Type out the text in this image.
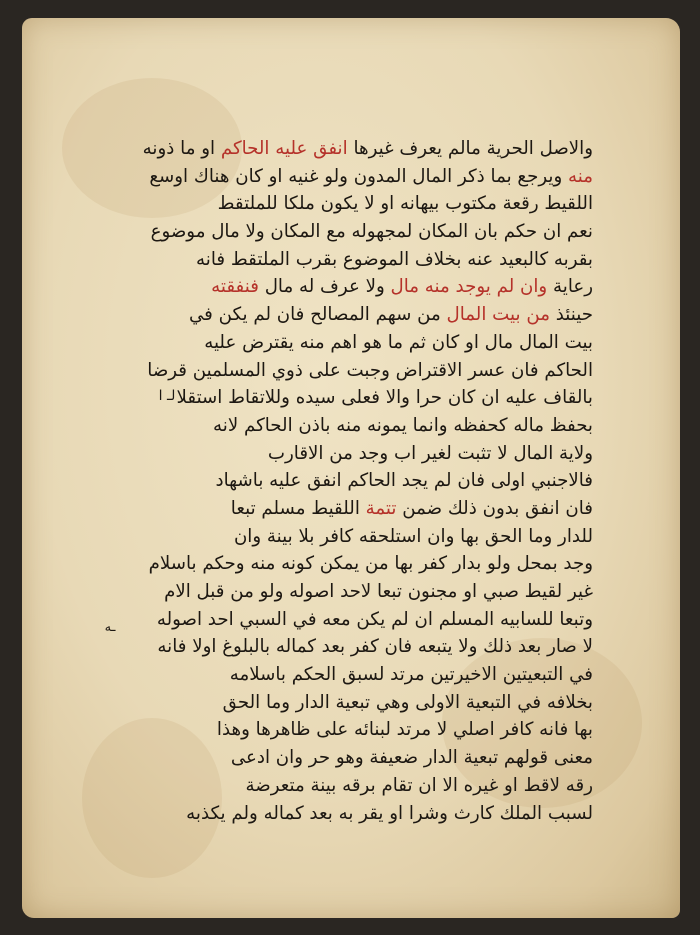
والاصل الحرية مالم يعرف غيرها انفق عليه الحاكم او ما ذونه
منه ويرجع بما ذكر المال المدون ولو غنيه او كان هناك اوسع
اللقيط رقعة مكتوب بيهانه او لا يكون ملكا للملتقط
نعم ان حكم بان المكان لمجهوله مع المكان ولا مال موضوع
بقربه كالبعيد عنه بخلاف الموضوع بقرب الملتقط فانه
رعاية وان لم يوجد منه مال ولا عرف له مال فنفقته
حينئذ من بيت المال من سهم المصالح فان لم يكن في
بيت المال مال او كان ثم ما هو اهم منه يقترض عليه
الحاكم فان عسر الاقتراض وجبت على ذوي المسلمين قرضا
بالقاف عليه ان كان حرا والا فعلى سيده وللاتقاط استقلا
بحفظ ماله كحفظه وانما يمونه منه باذن الحاكم لانه
ولاية المال لا تثبت لغير اب وجد من الاقارب
فالاجنبي اولى فان لم يجد الحاكم انفق عليه باشهاد
فان انفق بدون ذلك ضمن تتمة اللقيط مسلم تبعا
للدار وما الحق بها وان استلحقه كافر بلا بينة وان
وجد بمحل ولو بدار كفر بها من يمكن كونه منه وحكم باسلام
غير لقيط صبي او مجنون تبعا لاحد اصوله ولو من قبل الام
وتبعا للسابيه المسلم ان لم يكن معه في السبي احد اصوله
لا صار بعد ذلك ولا يتبعه فان كفر بعد كماله بالبلوغ اولا فانه
في التبعيتين الاخيرتين مرتد لسبق الحكم باسلامه
بخلافه في التبعية الاولى وهي تبعية الدار وما الحق
بها فانه كافر اصلي لا مرتد لبنائه على ظاهرها وهذا
معنى قولهم تبعية الدار ضعيفة وهو حر وان ادعى
رقه لاقط او غيره الا ان تقام برقه بينة متعرضة
لسبب الملك كارث وشرا او يقر به بعد كماله ولم يكذبه
لـ ا
ـه
